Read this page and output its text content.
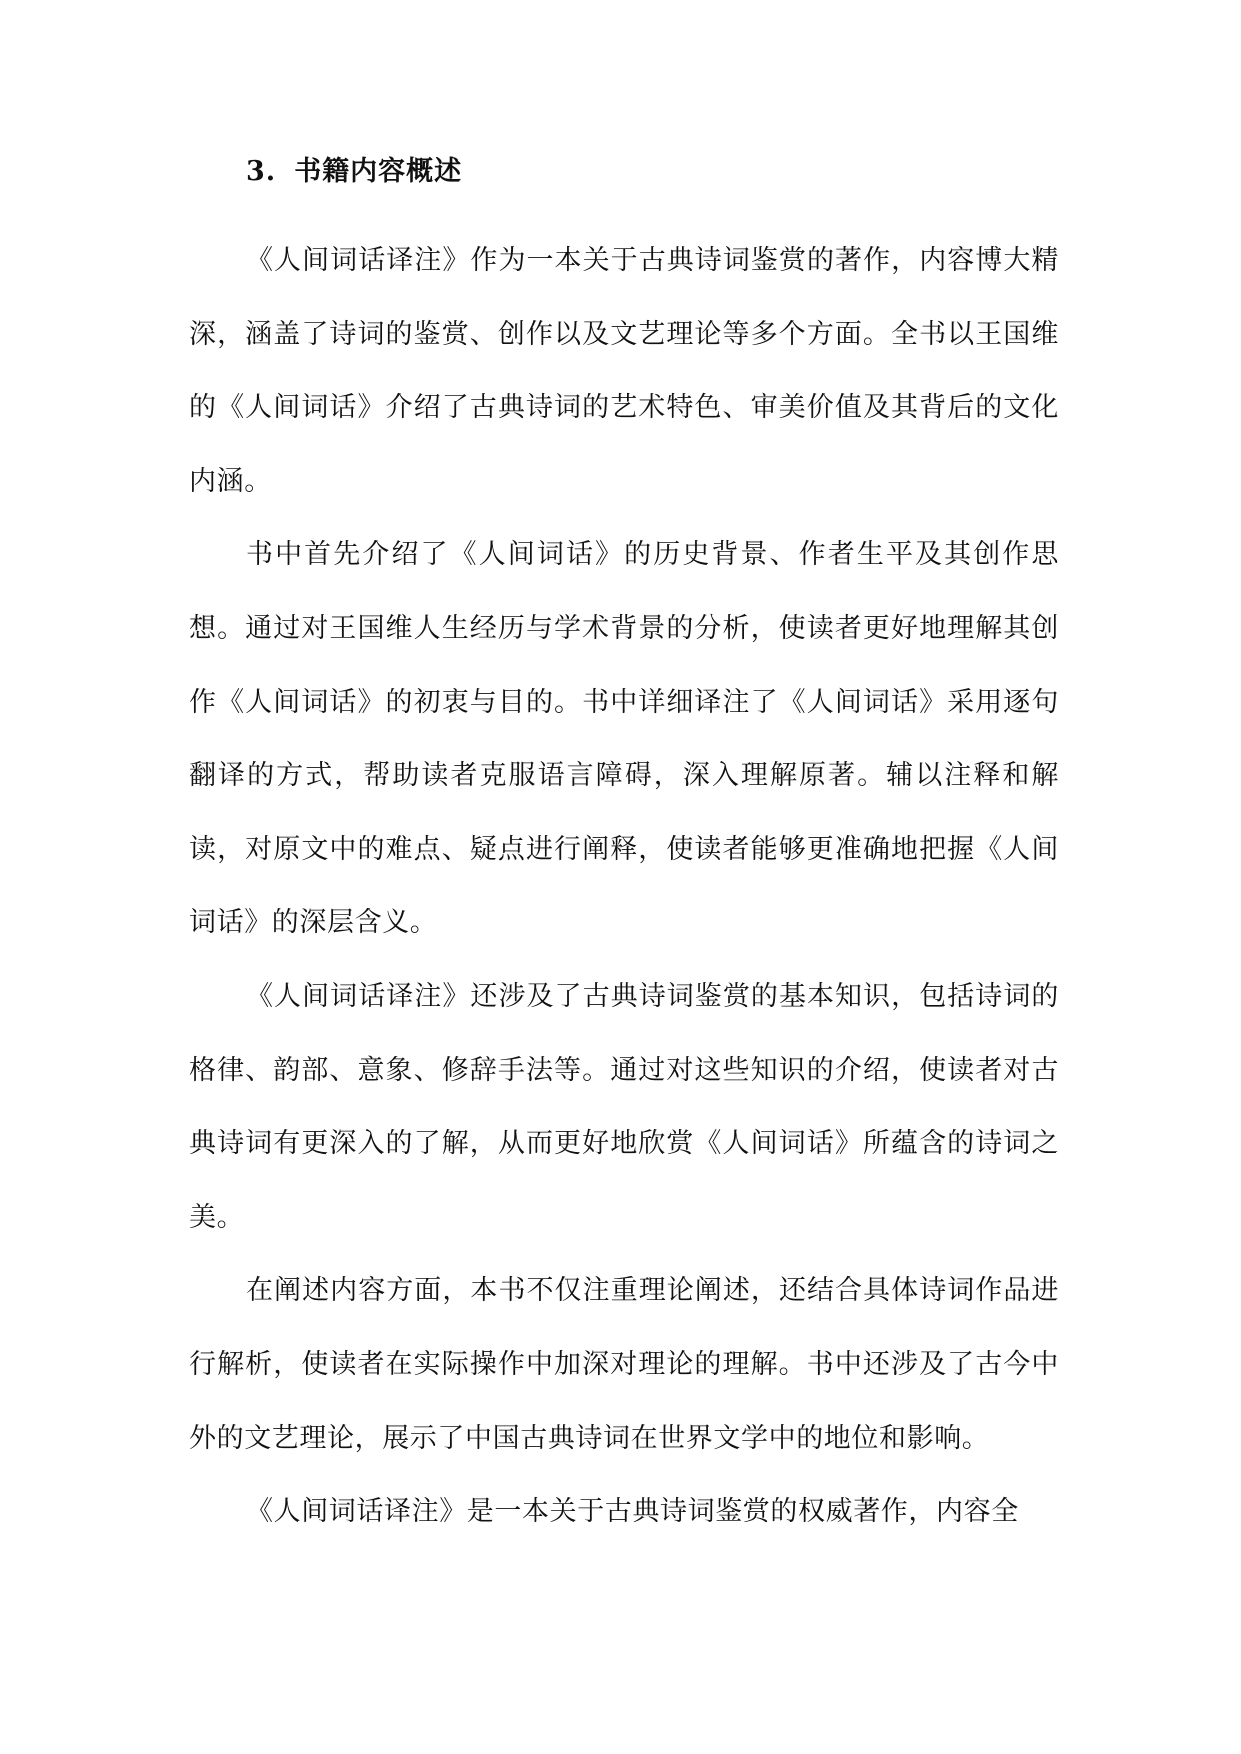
3. 书籍内容概述

《人间词话译注》作为一本关于古典诗词鉴赏的著作，内容博大精深，涵盖了诗词的鉴赏、创作以及文艺理论等多个方面。全书以王国维的《人间词话》介绍了古典诗词的艺术特色、审美价值及其背后的文化内涵。

书中首先介绍了《人间词话》的历史背景、作者生平及其创作思想。通过对王国维人生经历与学术背景的分析，使读者更好地理解其创作《人间词话》的初衷与目的。书中详细译注了《人间词话》采用逐句翻译的方式，帮助读者克服语言障碍，深入理解原著。辅以注释和解读，对原文中的难点、疑点进行阐释，使读者能够更准确地把握《人间词话》的深层含义。

《人间词话译注》还涉及了古典诗词鉴赏的基本知识，包括诗词的格律、韵部、意象、修辞手法等。通过对这些知识的介绍，使读者对古典诗词有更深入的了解，从而更好地欣赏《人间词话》所蕴含的诗词之美。

在阐述内容方面，本书不仅注重理论阐述，还结合具体诗词作品进行解析，使读者在实际操作中加深对理论的理解。书中还涉及了古今中外的文艺理论，展示了中国古典诗词在世界文学中的地位和影响。

《人间词话译注》是一本关于古典诗词鉴赏的权威著作，内容全
